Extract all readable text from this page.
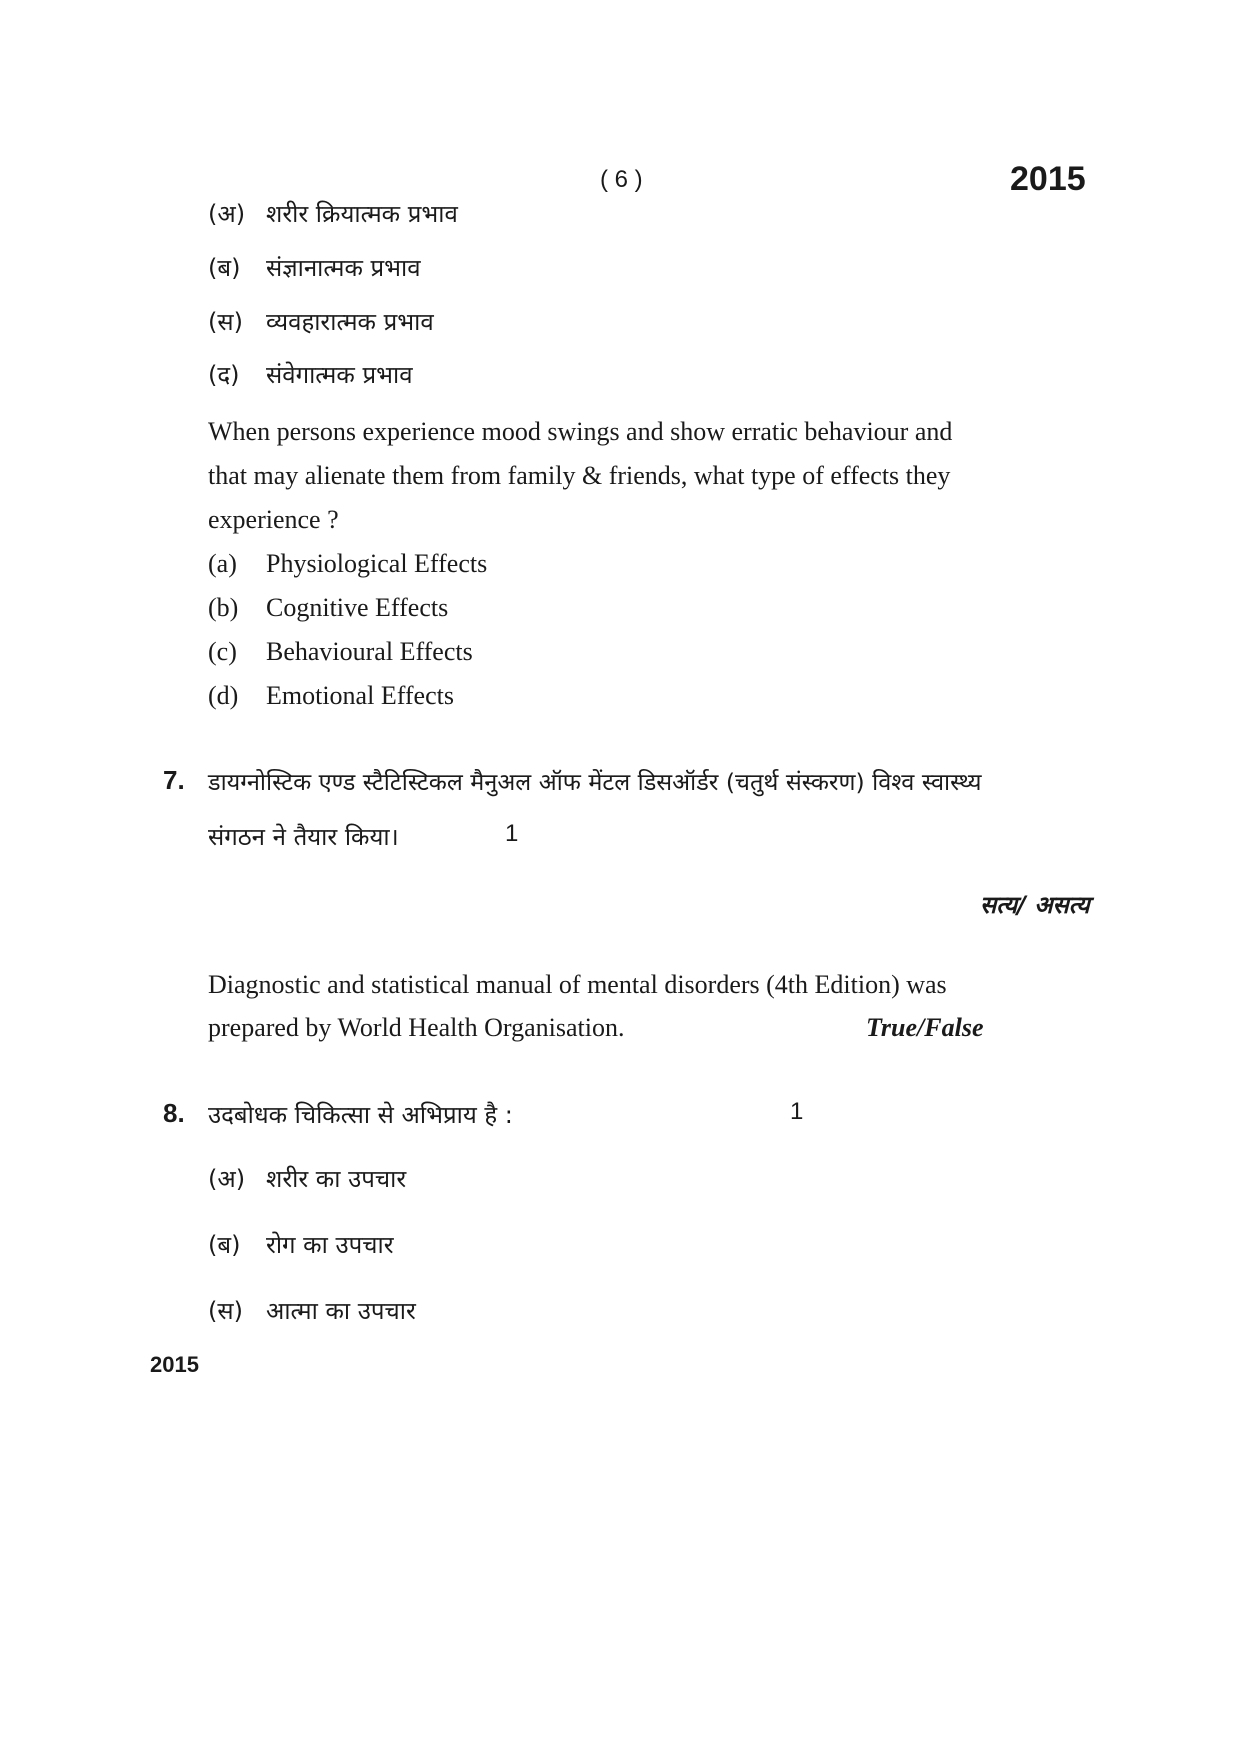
( 6 )	2015
(अ) शरीर क्रियात्मक प्रभाव
(ब)	संज्ञानात्मक प्रभाव
(स) व्यवहारात्मक प्रभाव
(द)	संवेगात्मक प्रभाव
When persons experience mood swings and show erratic behaviour and
that may alienate them from family & friends, what type of effects they
experience ?
(a)	Physiological Effects
(b)	Cognitive Effects
(c)	Behavioural Effects
(d)	Emotional Effects
7. डायग्नोस्टिक एण्ड स्टैटिस्टिकल मैनुअल ऑफ मेंटल डिसऑर्डर (चतुर्थ संस्करण) विश्व स्वास्थ्य
संगठन ने तैयार किया।	1
सत्य/ असत्य
Diagnostic and statistical manual of mental disorders (4th Edition) was
prepared by World Health Organisation.	True/False
8. उदबोधक चिकित्सा से अभिप्राय है :	1
(अ) शरीर का उपचार
(ब)	रोग का उपचार
(स) आत्मा का उपचार
2015
